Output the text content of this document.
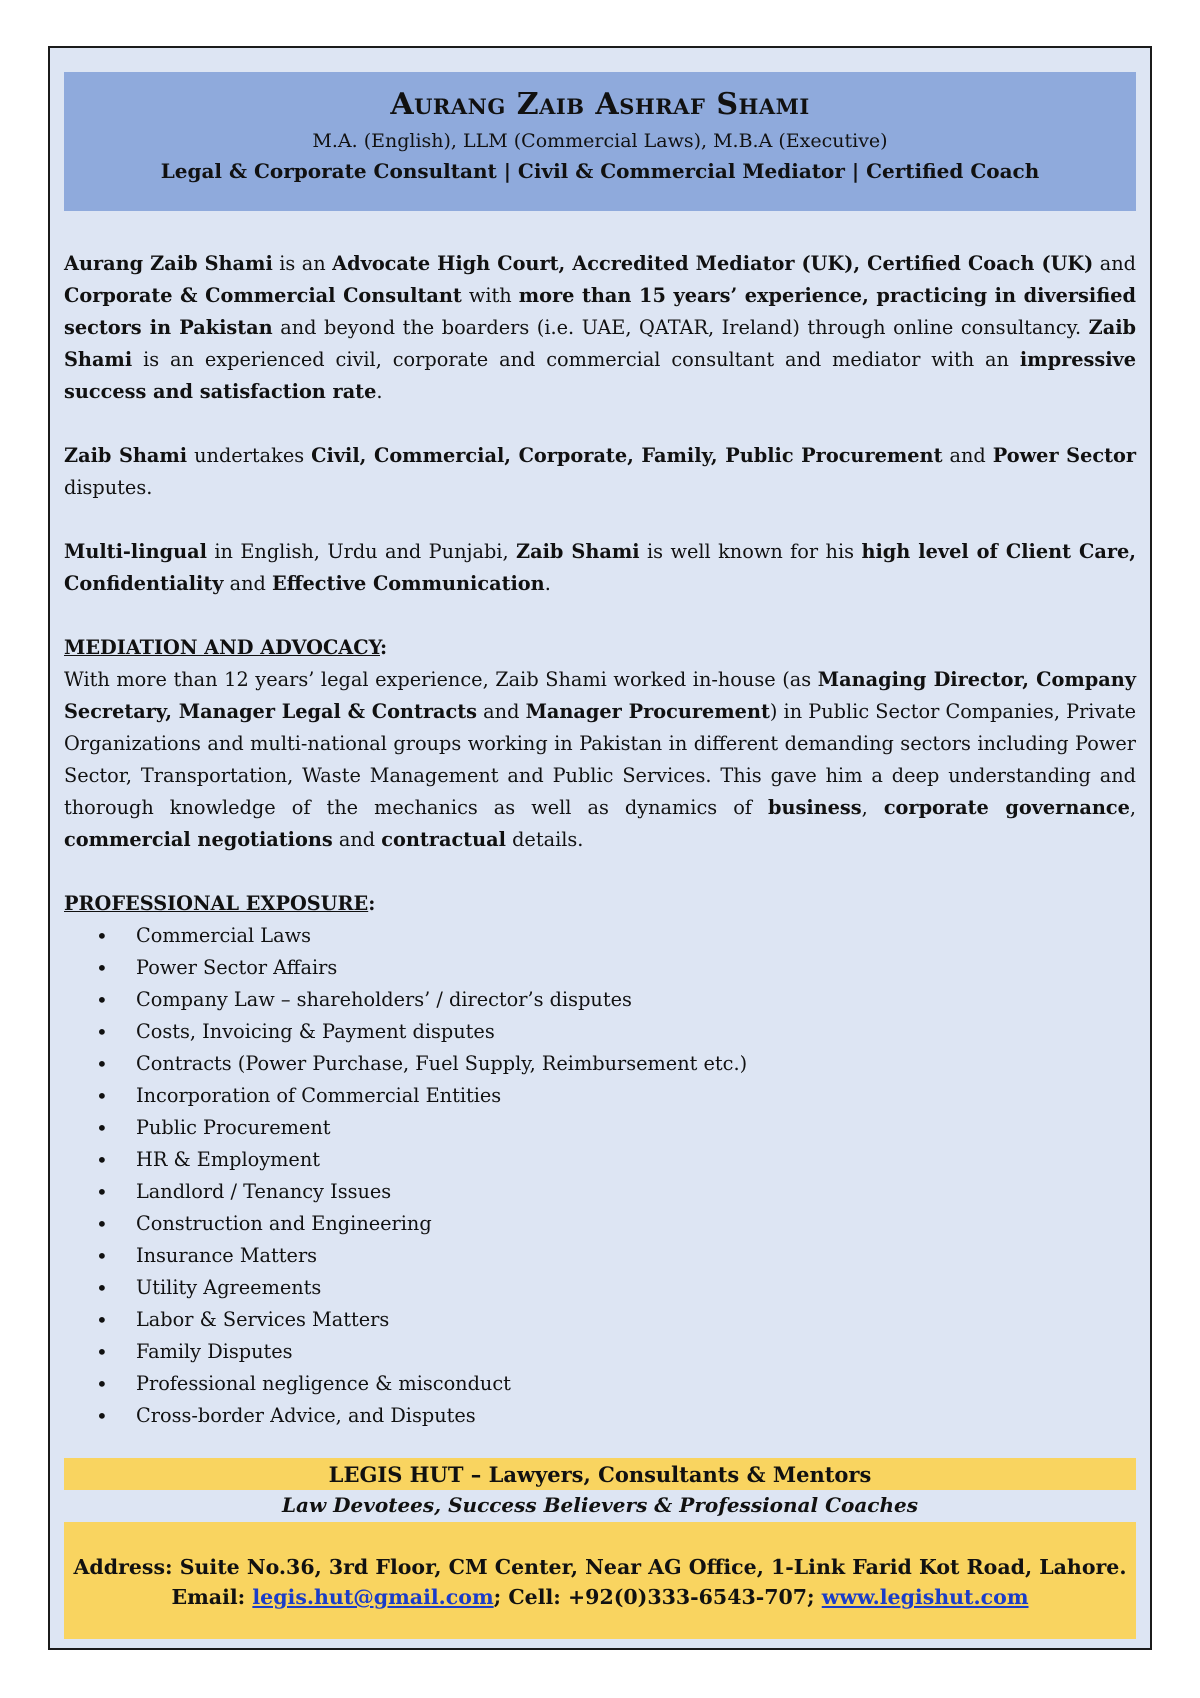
Aurang Zaib Ashraf Shami
M.A. (English), LLM (Commercial Laws), M.B.A (Executive)
Legal & Corporate Consultant | Civil & Commercial Mediator | Certified Coach

Aurang Zaib Shami is an Advocate High Court, Accredited Mediator (UK), Certified Coach (UK) and Corporate & Commercial Consultant with more than 15 years’ experience, practicing in diversified sectors in Pakistan and beyond the boarders (i.e. UAE, QATAR, Ireland) through online consultancy. Zaib Shami is an experienced civil, corporate and commercial consultant and mediator with an impressive success and satisfaction rate.

Zaib Shami undertakes Civil, Commercial, Corporate, Family, Public Procurement and Power Sector disputes.

Multi-lingual in English, Urdu and Punjabi, Zaib Shami is well known for his high level of Client Care, Confidentiality and Effective Communication.

MEDIATION AND ADVOCACY:

With more than 12 years’ legal experience, Zaib Shami worked in-house (as Managing Director, Company Secretary, Manager Legal & Contracts and Manager Procurement) in Public Sector Companies, Private Organizations and multi-national groups working in Pakistan in different demanding sectors including Power Sector, Transportation, Waste Management and Public Services. This gave him a deep understanding and thorough knowledge of the mechanics as well as dynamics of business, corporate governance, commercial negotiations and contractual details.

PROFESSIONAL EXPOSURE:
• Commercial Laws
• Power Sector Affairs
• Company Law – shareholders’ / director’s disputes
• Costs, Invoicing & Payment disputes
• Contracts (Power Purchase, Fuel Supply, Reimbursement etc.)
• Incorporation of Commercial Entities
• Public Procurement
• HR & Employment
• Landlord / Tenancy Issues
• Construction and Engineering
• Insurance Matters
• Utility Agreements
• Labor & Services Matters
• Family Disputes
• Professional negligence & misconduct
• Cross-border Advice, and Disputes
LEGIS HUT – Lawyers, Consultants & Mentors
Law Devotees, Success Believers & Professional Coaches
Address: Suite No.36, 3rd Floor, CM Center, Near AG Office, 1-Link Farid Kot Road, Lahore.
Email: legis.hut@gmail.com; Cell: +92(0)333-6543-707; www.legishut.com
